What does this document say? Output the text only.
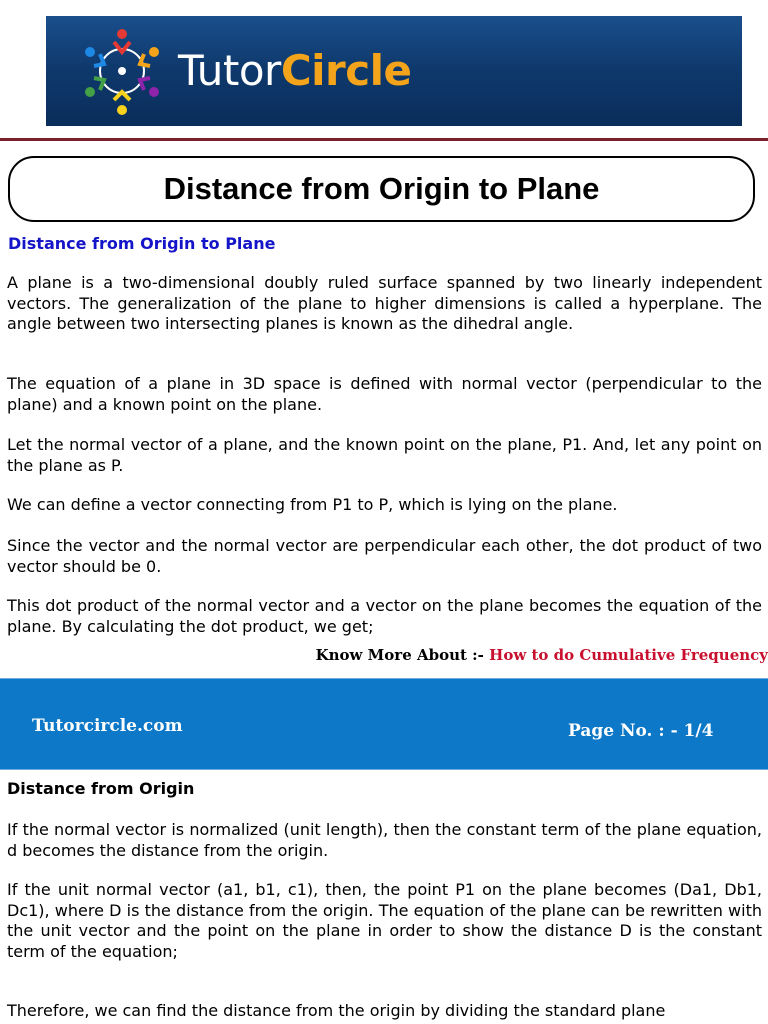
TutorCircle
Distance from Origin to Plane
Distance from Origin to Plane

A plane is a two-dimensional doubly ruled surface spanned by two linearly independent vectors. The generalization of the plane to higher dimensions is called a hyperplane. The angle between two intersecting planes is known as the dihedral angle.

The equation of a plane in 3D space is defined with normal vector (perpendicular to the plane) and a known point on the plane.

Let the normal vector of a plane, and the known point on the plane, P1. And, let any point on the plane as P.

We can define a vector connecting from P1 to P, which is lying on the plane.

Since the vector and the normal vector are perpendicular each other, the dot product of two vector should be 0.

This dot product of the normal vector and a vector on the plane becomes the equation of the plane. By calculating the dot product, we get;

Know More About :- How to do Cumulative Frequency
Tutorcircle.com	Page No. : - 1/4
Distance from Origin

If the normal vector is normalized (unit length), then the constant term of the plane equation, d becomes the distance from the origin.

If the unit normal vector (a1, b1, c1), then, the point P1 on the plane becomes (Da1, Db1, Dc1), where D is the distance from the origin. The equation of the plane can be rewritten with the unit vector and the point on the plane in order to show the distance D is the constant term of the equation;

Therefore, we can find the distance from the origin by dividing the standard plane
